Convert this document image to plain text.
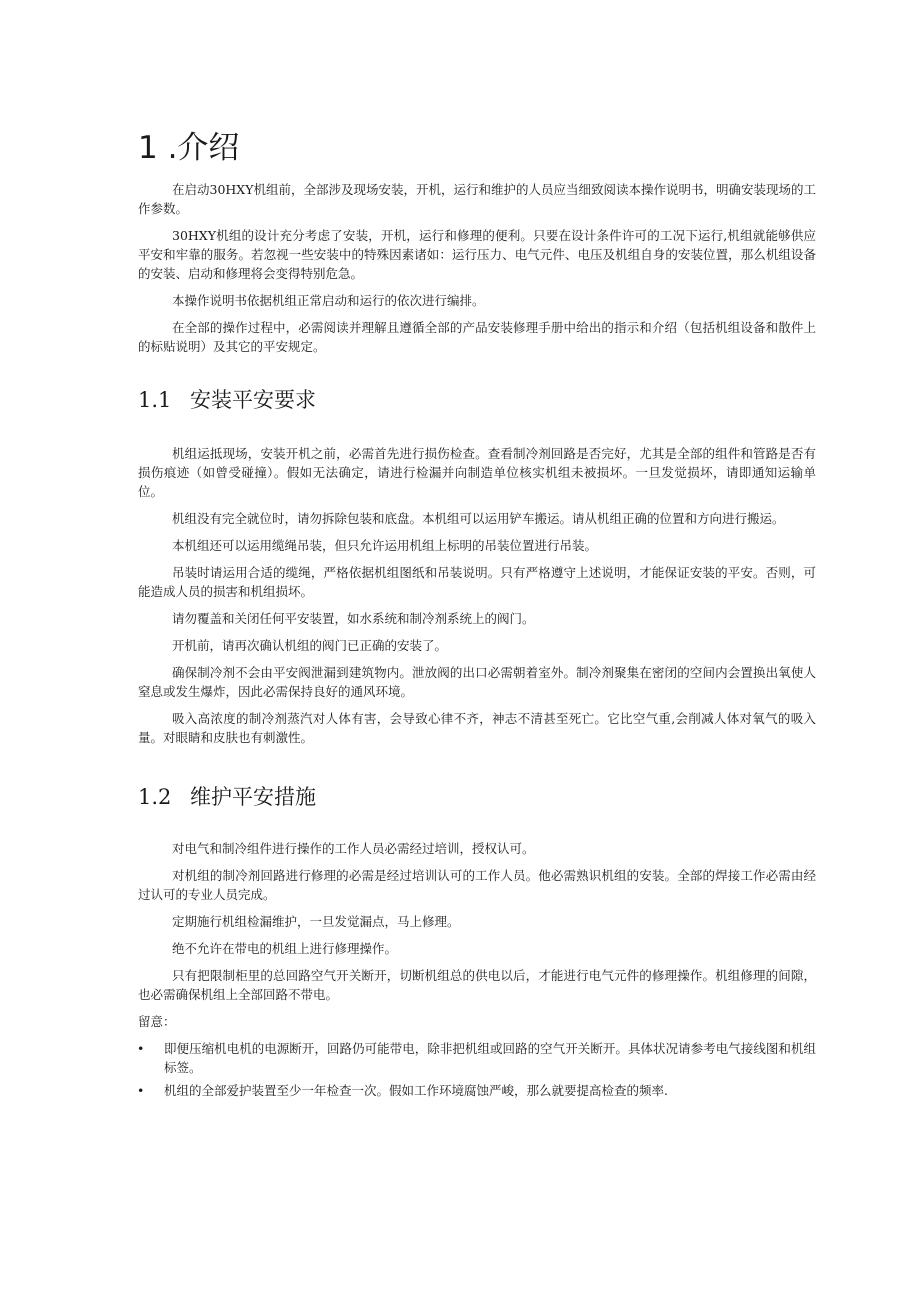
1 .介绍

在启动30HXY机组前，全部涉及现场安装，开机，运行和维护的人员应当细致阅读本操作说明书，明确安装现场的工作参数。

30HXY机组的设计充分考虑了安装，开机，运行和修理的便利。只要在设计条件许可的工况下运行,机组就能够供应平安和牢靠的服务。若忽视一些安装中的特殊因素诸如：运行压力、电气元件、电压及机组自身的安装位置，那么机组设备的安装、启动和修理将会变得特别危急。

本操作说明书依据机组正常启动和运行的依次进行编排。

在全部的操作过程中，必需阅读并理解且遵循全部的产品安装修理手册中给出的指示和介绍（包括机组设备和散件上的标贴说明）及其它的平安规定。

1.1 安装平安要求

机组运抵现场，安装开机之前，必需首先进行损伤检查。查看制冷剂回路是否完好，尤其是全部的组件和管路是否有损伤痕迹（如曾受碰撞）。假如无法确定，请进行检漏并向制造单位核实机组未被损坏。一旦发觉损坏，请即通知运输单位。

机组没有完全就位时，请勿拆除包装和底盘。本机组可以运用铲车搬运。请从机组正确的位置和方向进行搬运。

本机组还可以运用缆绳吊装，但只允许运用机组上标明的吊装位置进行吊装。

吊装时请运用合适的缆绳，严格依据机组图纸和吊装说明。只有严格遵守上述说明，才能保证安装的平安。否则，可能造成人员的损害和机组损坏。

请勿覆盖和关闭任何平安装置，如水系统和制冷剂系统上的阀门。

开机前，请再次确认机组的阀门已正确的安装了。

确保制冷剂不会由平安阀泄漏到建筑物内。泄放阀的出口必需朝着室外。制冷剂聚集在密闭的空间内会置换出氧使人窒息或发生爆炸，因此必需保持良好的通风环境。

吸入高浓度的制冷剂蒸汽对人体有害，会导致心律不齐，神志不清甚至死亡。它比空气重,会削减人体对氧气的吸入量。对眼睛和皮肤也有刺激性。

1.2 维护平安措施

对电气和制冷组件进行操作的工作人员必需经过培训，授权认可。

对机组的制冷剂回路进行修理的必需是经过培训认可的工作人员。他必需熟识机组的安装。全部的焊接工作必需由经过认可的专业人员完成。

定期施行机组检漏维护，一旦发觉漏点，马上修理。

绝不允许在带电的机组上进行修理操作。

只有把限制柜里的总回路空气开关断开，切断机组总的供电以后，才能进行电气元件的修理操作。机组修理的间隙，也必需确保机组上全部回路不带电。

留意：

• 即便压缩机电机的电源断开，回路仍可能带电，除非把机组或回路的空气开关断开。具体状况请参考电气接线图和机组标签。
• 机组的全部爱护装置至少一年检查一次。假如工作环境腐蚀严峻，那么就要提高检查的频率.
